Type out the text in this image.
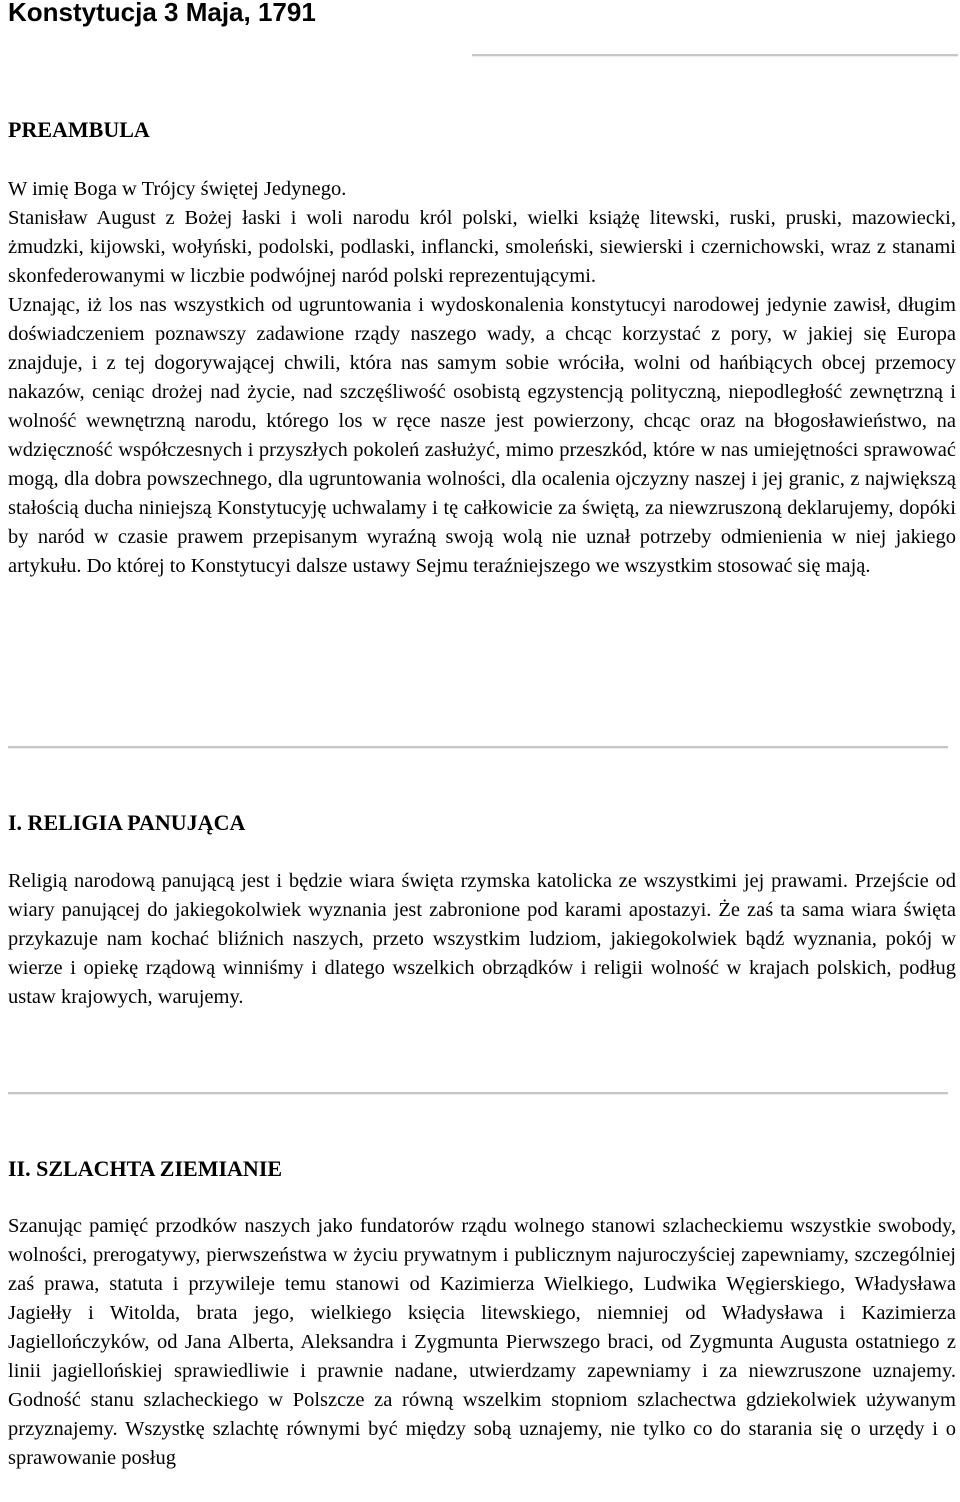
Konstytucja 3 Maja, 1791
PREAMBULA
W imię Boga w Trójcy świętej Jedynego.
Stanisław August z Bożej łaski i woli narodu król polski, wielki książę litewski, ruski, pruski, mazowiecki, żmudzki, kijowski, wołyński, podolski, podlaski, inflancki, smoleński, siewierski i czernichowski, wraz z stanami skonfederowanymi w liczbie podwójnej naród polski reprezentującymi.
Uznając, iż los nas wszystkich od ugruntowania i wydoskonalenia konstytucyi narodowej jedynie zawisł, długim doświadczeniem poznawszy zadawione rządy naszego wady, a chcąc korzystać z pory, w jakiej się Europa znajduje, i z tej dogorywającej chwili, która nas samym sobie wróciła, wolni od hańbiących obcej przemocy nakazów, ceniąc drożej nad życie, nad szczęśliwość osobistą egzystencją polityczną, niepodległość zewnętrzną i wolność wewnętrzną narodu, którego los w ręce nasze jest powierzony, chcąc oraz na błogosławieństwo, na wdzięczność współczesnych i przyszłych pokoleń zasłużyć, mimo przeszkód, które w nas umiejętności sprawować mogą, dla dobra powszechnego, dla ugruntowania wolności, dla ocalenia ojczyzny naszej i jej granic, z największą stałością ducha niniejszą Konstytucyję uchwalamy i tę całkowicie za świętą, za niewzruszoną deklarujemy, dopóki by naród w czasie prawem przepisanym wyraźną swoją wolą nie uznał potrzeby odmienienia w niej jakiego artykułu. Do której to Konstytucyi dalsze ustawy Sejmu teraźniejszego we wszystkim stosować się mają.
I. RELIGIA PANUJĄCA

Religią narodową panującą jest i będzie wiara święta rzymska katolicka ze wszystkimi jej prawami. Przejście od wiary panującej do jakiegokolwiek wyznania jest zabronione pod karami apostazyi. Że zaś ta sama wiara święta przykazuje nam kochać bliźnich naszych, przeto wszystkim ludziom, jakiegokolwiek bądź wyznania, pokój w wierze i opiekę rządową winniśmy i dlatego wszelkich obrządków i religii wolność w krajach polskich, podług ustaw krajowych, warujemy.

II. SZLACHTA ZIEMIANIE

Szanując pamięć przodków naszych jako fundatorów rządu wolnego stanowi szlacheckiemu wszystkie swobody, wolności, prerogatywy, pierwszeństwa w życiu prywatnym i publicznym najuroczyściej zapewniamy, szczególniej zaś prawa, statuta i przywileje temu stanowi od Kazimierza Wielkiego, Ludwika Węgierskiego, Władysława Jagiełły i Witolda, brata jego, wielkiego księcia litewskiego, niemniej od Władysława i Kazimierza Jagiellończyków, od Jana Alberta, Aleksandra i Zygmunta Pierwszego braci, od Zygmunta Augusta ostatniego z linii jagiellońskiej sprawiedliwie i prawnie nadane, utwierdzamy zapewniamy i za niewzruszone uznajemy. Godność stanu szlacheckiego w Polszcze za równą wszelkim stopniom szlachectwa gdziekolwiek używanym przyznajemy. Wszystkę szlachtę równymi być między sobą uznajemy, nie tylko co do starania się o urzędy i o sprawowanie posług
